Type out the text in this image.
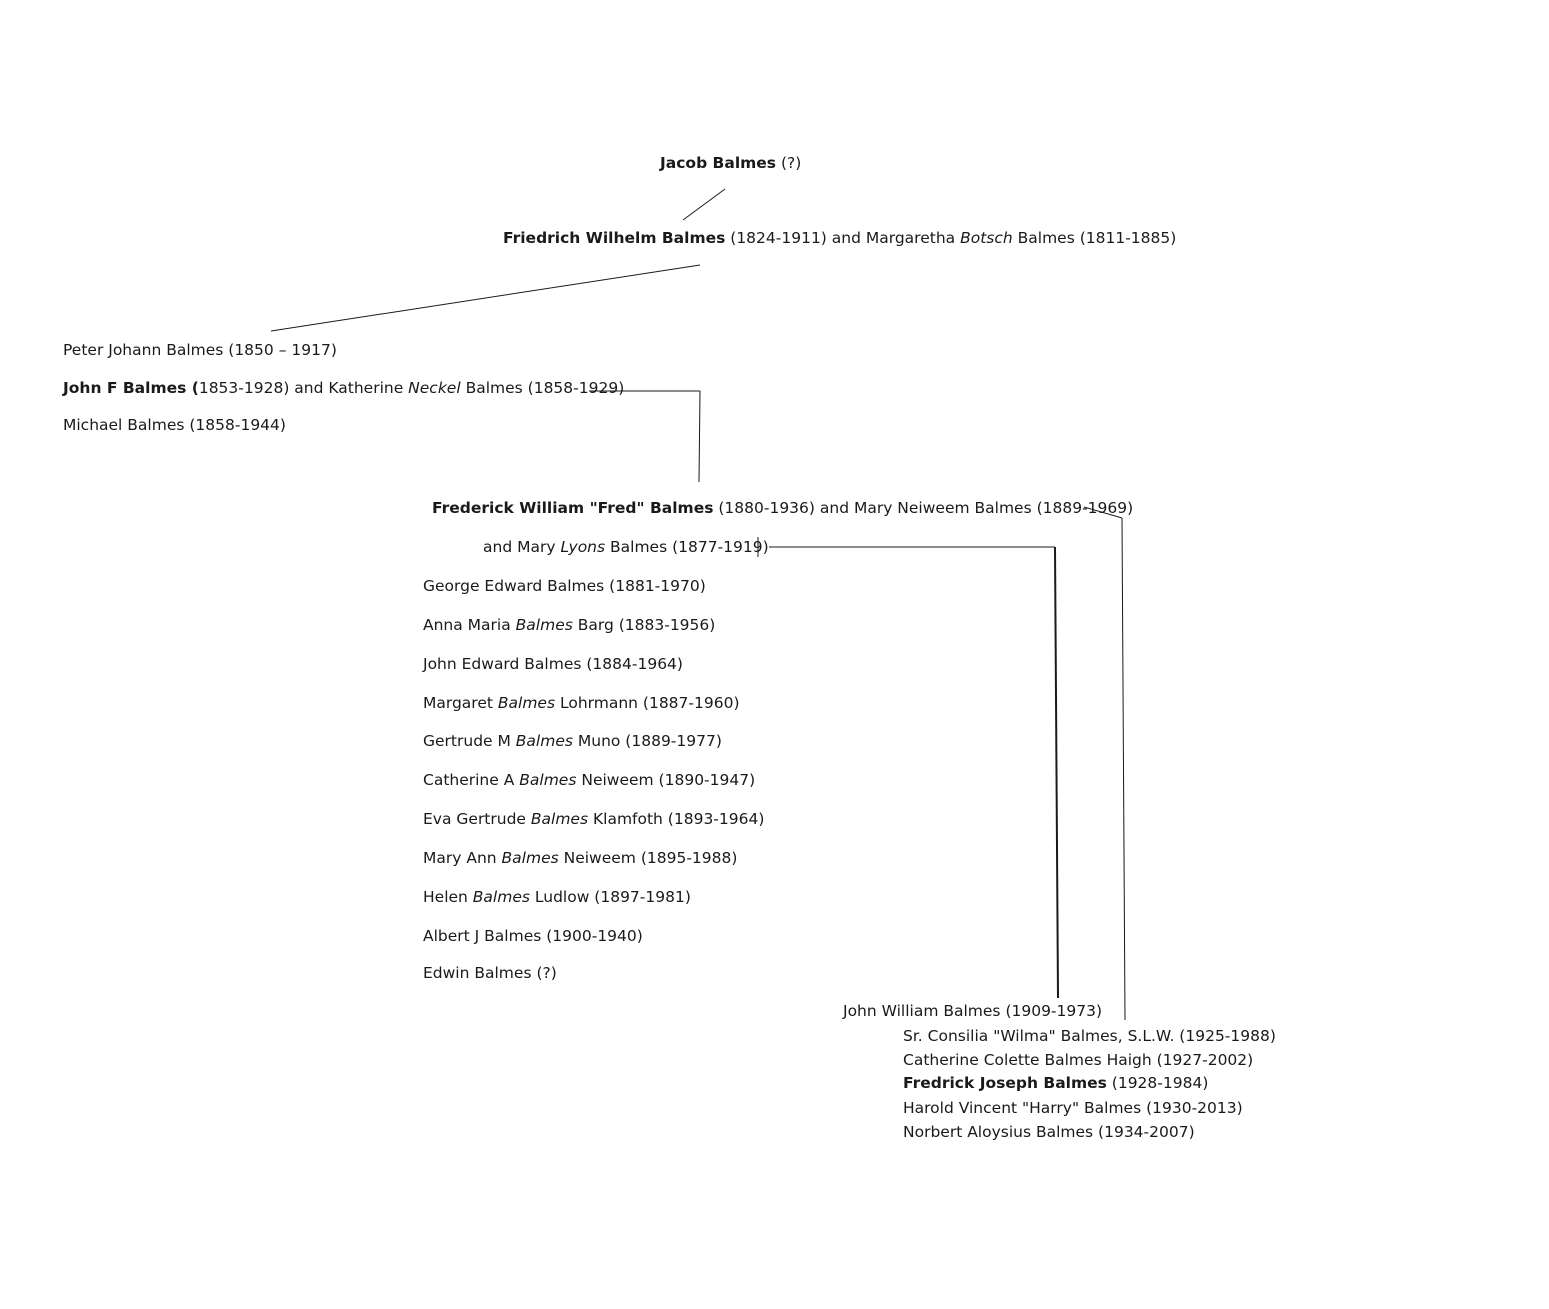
Jacob Balmes (?)
Friedrich Wilhelm Balmes (1824-1911) and Margaretha Botsch Balmes (1811-1885)
Peter Johann Balmes (1850 – 1917)
John F Balmes (1853-1928) and Katherine Neckel Balmes (1858-1929)
Michael Balmes (1858-1944)
Frederick William "Fred" Balmes (1880-1936) and Mary Neiweem Balmes (1889-1969)
and Mary Lyons Balmes (1877-1919)
George Edward Balmes (1881-1970)
Anna Maria Balmes Barg (1883-1956)
John Edward Balmes (1884-1964)
Margaret Balmes Lohrmann (1887-1960)
Gertrude M Balmes Muno (1889-1977)
Catherine A Balmes Neiweem (1890-1947)
Eva Gertrude Balmes Klamfoth (1893-1964)
Mary Ann Balmes Neiweem (1895-1988)
Helen Balmes Ludlow (1897-1981)
Albert J Balmes (1900-1940)
Edwin Balmes (?)
John William Balmes (1909-1973)
Sr. Consilia "Wilma" Balmes, S.L.W. (1925-1988)
Catherine Colette Balmes Haigh (1927-2002)
Fredrick Joseph Balmes (1928-1984)
Harold Vincent "Harry" Balmes (1930-2013)
Norbert Aloysius Balmes (1934-2007)
